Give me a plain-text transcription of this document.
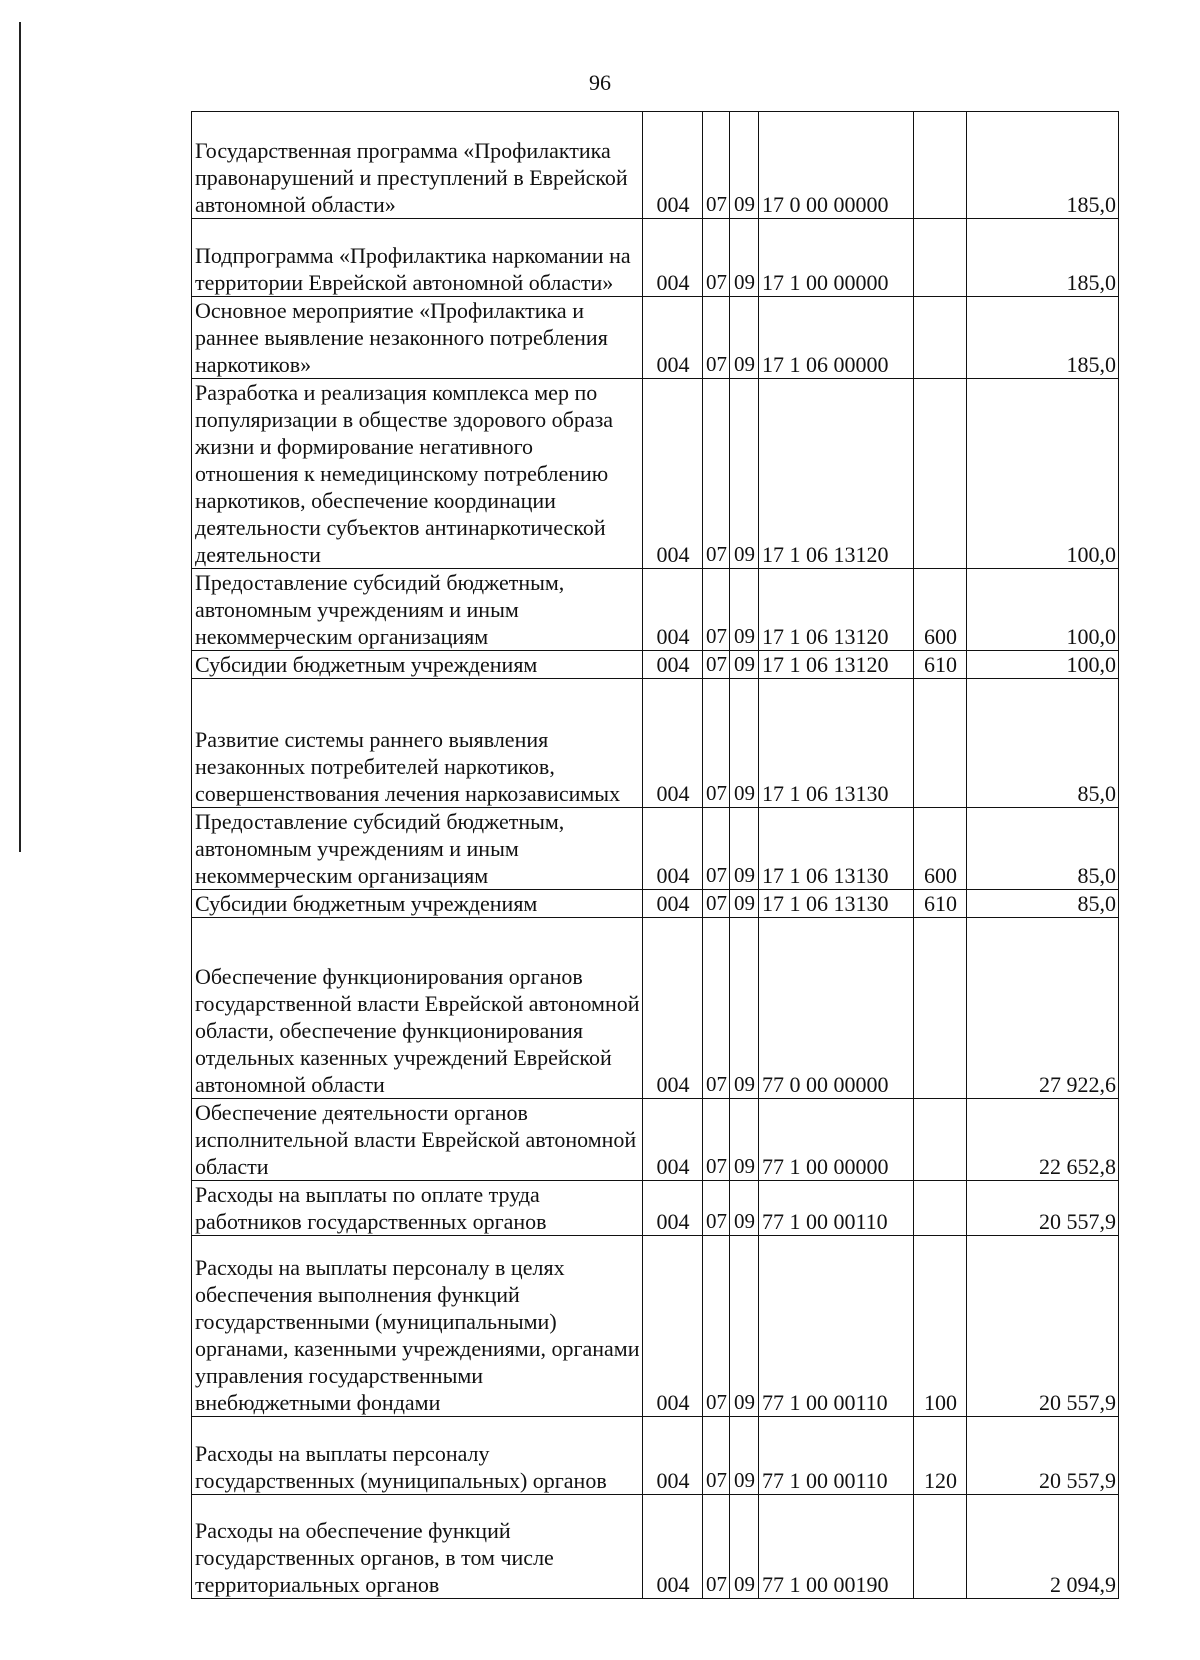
96
Государственная программа «Профилактика правонарушений и преступлений в Еврейской автономной области»	004	07	09	17 0 00 00000		185,0
Подпрограмма «Профилактика наркомании на территории Еврейской автономной области»	004	07	09	17 1 00 00000		185,0
Основное мероприятие «Профилактика и раннее выявление незаконного потребления наркотиков»	004	07	09	17 1 06 00000		185,0
Разработка и реализация комплекса мер по популяризации в обществе здорового образа жизни и формирование негативного отношения к немедицинскому потреблению наркотиков, обеспечение координации деятельности субъектов антинаркотической деятельности	004	07	09	17 1 06 13120		100,0
Предоставление субсидий бюджетным, автономным учреждениям и иным некоммерческим организациям	004	07	09	17 1 06 13120	600	100,0
Субсидии бюджетным учреждениям	004	07	09	17 1 06 13120	610	100,0
Развитие системы раннего выявления незаконных потребителей наркотиков, совершенствования лечения наркозависимых	004	07	09	17 1 06 13130		85,0
Предоставление субсидий бюджетным, автономным учреждениям и иным некоммерческим организациям	004	07	09	17 1 06 13130	600	85,0
Субсидии бюджетным учреждениям	004	07	09	17 1 06 13130	610	85,0
Обеспечение функционирования органов государственной власти Еврейской автономной области, обеспечение функционирования отдельных казенных учреждений Еврейской автономной области	004	07	09	77 0 00 00000		27 922,6
Обеспечение деятельности органов исполнительной власти Еврейской автономной области	004	07	09	77 1 00 00000		22 652,8
Расходы на выплаты по оплате труда работников государственных органов	004	07	09	77 1 00 00110		20 557,9
Расходы на выплаты персоналу в целях обеспечения выполнения функций государственными (муниципальными) органами, казенными учреждениями, органами управления государственными внебюджетными фондами	004	07	09	77 1 00 00110	100	20 557,9
Расходы на выплаты персоналу государственных (муниципальных) органов	004	07	09	77 1 00 00110	120	20 557,9
Расходы на обеспечение функций государственных органов, в том числе территориальных органов	004	07	09	77 1 00 00190		2 094,9
